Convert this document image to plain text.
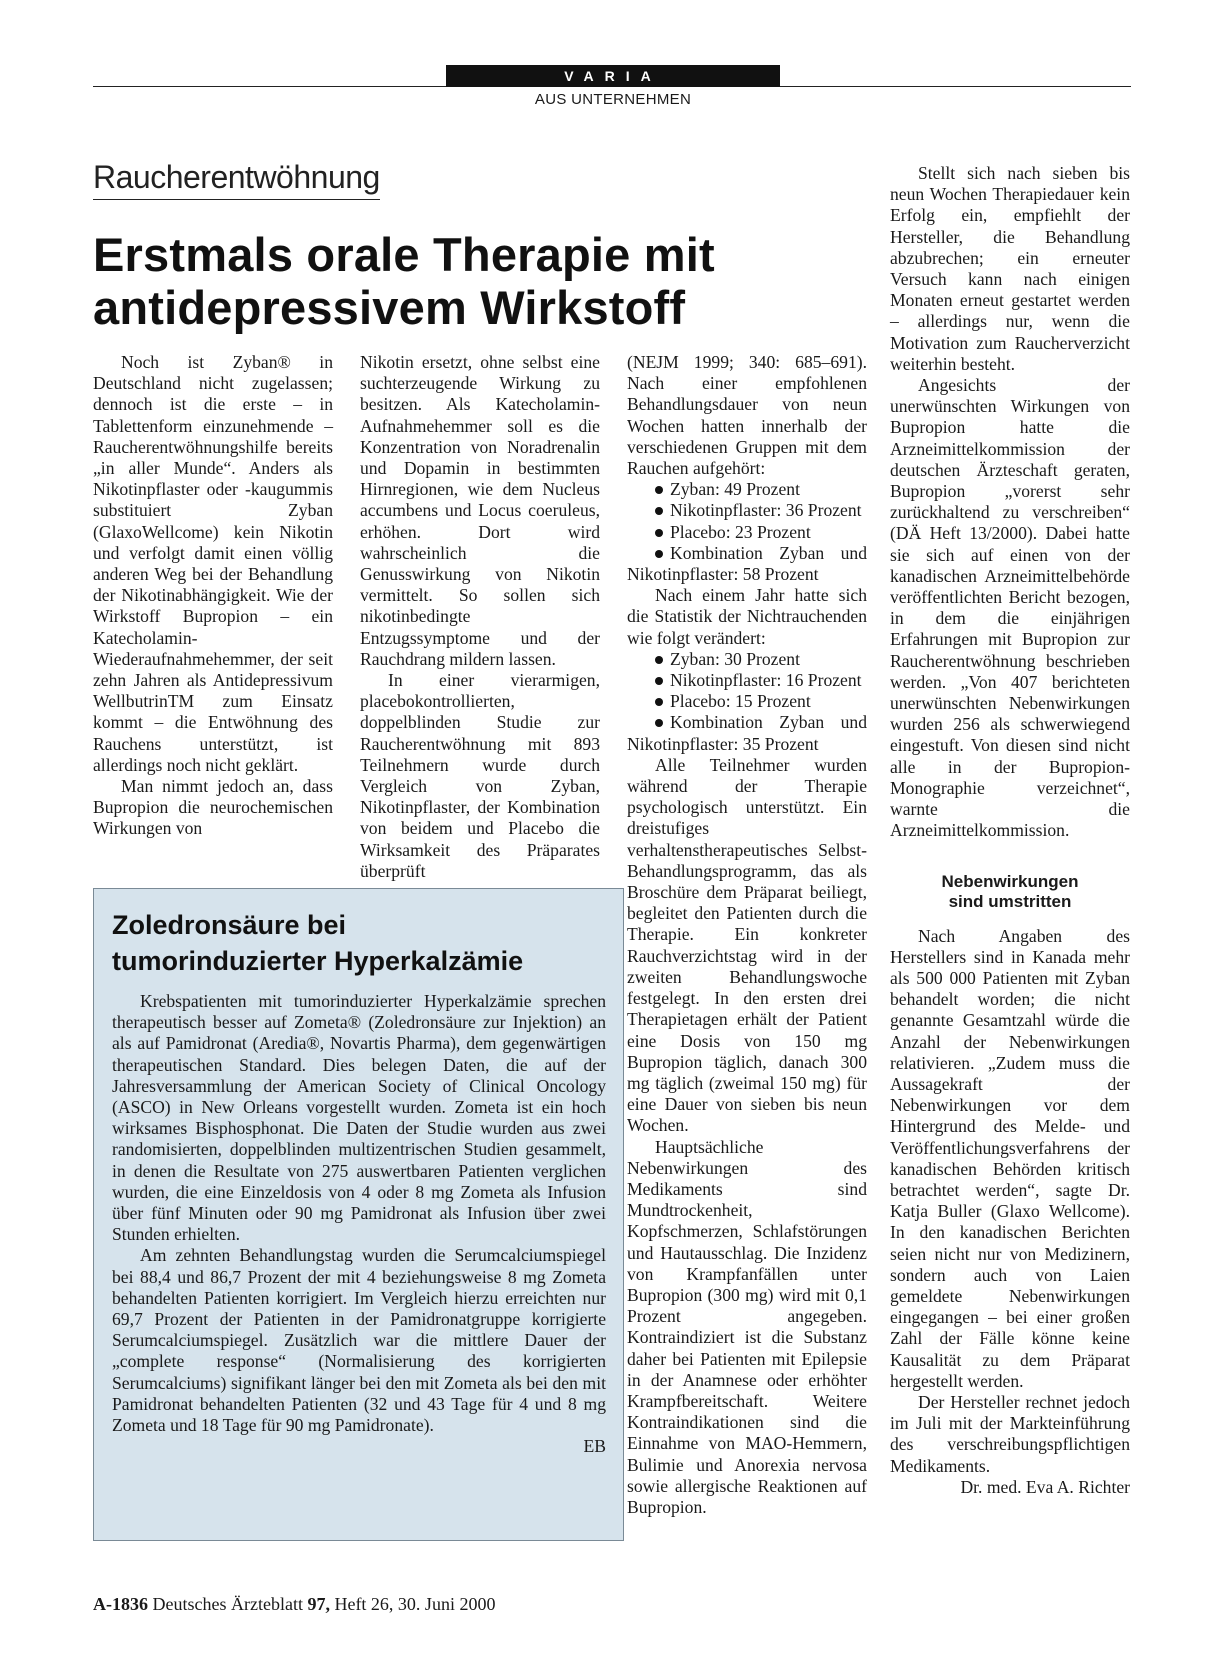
VARIA
AUS UNTERNEHMEN
Raucherentwöhnung
Erstmals orale Therapie mit
antidepressivem Wirkstoff

Noch ist Zyban® in Deutschland nicht zugelassen; dennoch ist die erste – in Tablettenform einzunehmende – Raucherentwöhnungshilfe bereits „in aller Munde“. Anders als Nikotinpflaster oder -kaugummis substituiert Zyban (GlaxoWellcome) kein Nikotin und verfolgt damit einen völlig anderen Weg bei der Behandlung der Nikotinabhängigkeit. Wie der Wirkstoff Bupropion – ein Katecholamin-Wiederaufnahmehemmer, der seit zehn Jahren als Antidepressivum WellbutrinTM zum Einsatz kommt – die Entwöhnung des Rauchens unterstützt, ist allerdings noch nicht geklärt.

Man nimmt jedoch an, dass Bupropion die neurochemischen Wirkungen von

Nikotin ersetzt, ohne selbst eine suchterzeugende Wirkung zu besitzen. Als Katecholamin-Aufnahmehemmer soll es die Konzentration von Noradrenalin und Dopamin in bestimmten Hirnregionen, wie dem Nucleus accumbens und Locus coeruleus, erhöhen. Dort wird wahrscheinlich die Genusswirkung von Nikotin vermittelt. So sollen sich nikotinbedingte Entzugssymptome und der Rauchdrang mildern lassen.

In einer vierarmigen, placebokontrollierten, doppelblinden Studie zur Raucherentwöhnung mit 893 Teilnehmern wurde durch Vergleich von Zyban, Nikotinpflaster, der Kombination von beidem und Placebo die Wirksamkeit des Präparates überprüft

(NEJM 1999; 340: 685–691). Nach einer empfohlenen Behandlungsdauer von neun Wochen hatten innerhalb der verschiedenen Gruppen mit dem Rauchen aufgehört:

Zyban: 49 Prozent

Nikotinpflaster: 36 Prozent

Placebo: 23 Prozent

Kombination Zyban und Nikotinpflaster: 58 Prozent

Nach einem Jahr hatte sich die Statistik der Nichtrauchenden wie folgt verändert:

Zyban: 30 Prozent

Nikotinpflaster: 16 Prozent

Placebo: 15 Prozent

Kombination Zyban und Nikotinpflaster: 35 Prozent

Alle Teilnehmer wurden während der Therapie psychologisch unterstützt. Ein dreistufiges verhaltenstherapeutisches Selbst-Behandlungsprogramm, das als Broschüre dem Präparat beiliegt, begleitet den Patienten durch die Therapie. Ein konkreter Rauchverzichtstag wird in der zweiten Behandlungswoche festgelegt. In den ersten drei Therapietagen erhält der Patient eine Dosis von 150 mg Bupropion täglich, danach 300 mg täglich (zweimal 150 mg) für eine Dauer von sieben bis neun Wochen.

Hauptsächliche Nebenwirkungen des Medikaments sind Mundtrockenheit, Kopfschmerzen, Schlafstörungen und Hautausschlag. Die Inzidenz von Krampfanfällen unter Bupropion (300 mg) wird mit 0,1 Prozent angegeben. Kontraindiziert ist die Substanz daher bei Patienten mit Epilepsie in der Anamnese oder erhöhter Krampfbereitschaft. Weitere Kontraindikationen sind die Einnahme von MAO-Hemmern, Bulimie und Anorexia nervosa sowie allergische Reaktionen auf Bupropion.

Stellt sich nach sieben bis neun Wochen Therapiedauer kein Erfolg ein, empfiehlt der Hersteller, die Behandlung abzubrechen; ein erneuter Versuch kann nach einigen Monaten erneut gestartet werden – allerdings nur, wenn die Motivation zum Raucherverzicht weiterhin besteht.

Angesichts der unerwünschten Wirkungen von Bupropion hatte die Arzneimittelkommission der deutschen Ärzteschaft geraten, Bupropion „vorerst sehr zurückhaltend zu verschreiben“ (DÄ Heft 13/2000). Dabei hatte sie sich auf einen von der kanadischen Arzneimittelbehörde veröffentlichten Bericht bezogen, in dem die einjährigen Erfahrungen mit Bupropion zur Raucherentwöhnung beschrieben werden. „Von 407 berichteten unerwünschten Nebenwirkungen wurden 256 als schwerwiegend eingestuft. Von diesen sind nicht alle in der Bupropion-Monographie verzeichnet“, warnte die Arzneimittelkommission.

Nebenwirkungen
sind umstritten

Nach Angaben des Herstellers sind in Kanada mehr als 500 000 Patienten mit Zyban behandelt worden; die nicht genannte Gesamtzahl würde die Anzahl der Nebenwirkungen relativieren. „Zudem muss die Aussagekraft der Nebenwirkungen vor dem Hintergrund des Melde- und Veröffentlichungsverfahrens der kanadischen Behörden kritisch betrachtet werden“, sagte Dr. Katja Buller (Glaxo Wellcome). In den kanadischen Berichten seien nicht nur von Medizinern, sondern auch von Laien gemeldete Nebenwirkungen eingegangen – bei einer großen Zahl der Fälle könne keine Kausalität zu dem Präparat hergestellt werden.

Der Hersteller rechnet jedoch im Juli mit der Markteinführung des verschreibungspflichtigen Medikaments.

Dr. med. Eva A. Richter

Zoledronsäure bei
tumorinduzierter Hyperkalzämie

Krebspatienten mit tumorinduzierter Hyperkalzämie sprechen therapeutisch besser auf Zometa® (Zoledronsäure zur Injektion) an als auf Pamidronat (Aredia®, Novartis Pharma), dem gegenwärtigen therapeutischen Standard. Dies belegen Daten, die auf der Jahresversammlung der American Society of Clinical Oncology (ASCO) in New Orleans vorgestellt wurden. Zometa ist ein hoch wirksames Bisphosphonat. Die Daten der Studie wurden aus zwei randomisierten, doppelblinden multizentrischen Studien gesammelt, in denen die Resultate von 275 auswertbaren Patienten verglichen wurden, die eine Einzeldosis von 4 oder 8 mg Zometa als Infusion über fünf Minuten oder 90 mg Pamidronat als Infusion über zwei Stunden erhielten.

Am zehnten Behandlungstag wurden die Serumcalciumspiegel bei 88,4 und 86,7 Prozent der mit 4 beziehungsweise 8 mg Zometa behandelten Patienten korrigiert. Im Vergleich hierzu erreichten nur 69,7 Prozent der Patienten in der Pamidronatgruppe korrigierte Serumcalciumspiegel. Zusätzlich war die mittlere Dauer der „complete response“ (Normalisierung des korrigierten Serumcalciums) signifikant länger bei den mit Zometa als bei den mit Pamidronat behandelten Patienten (32 und 43 Tage für 4 und 8 mg Zometa und 18 Tage für 90 mg Pamidronate).

EB
A-1836 Deutsches Ärzteblatt 97, Heft 26, 30. Juni 2000
